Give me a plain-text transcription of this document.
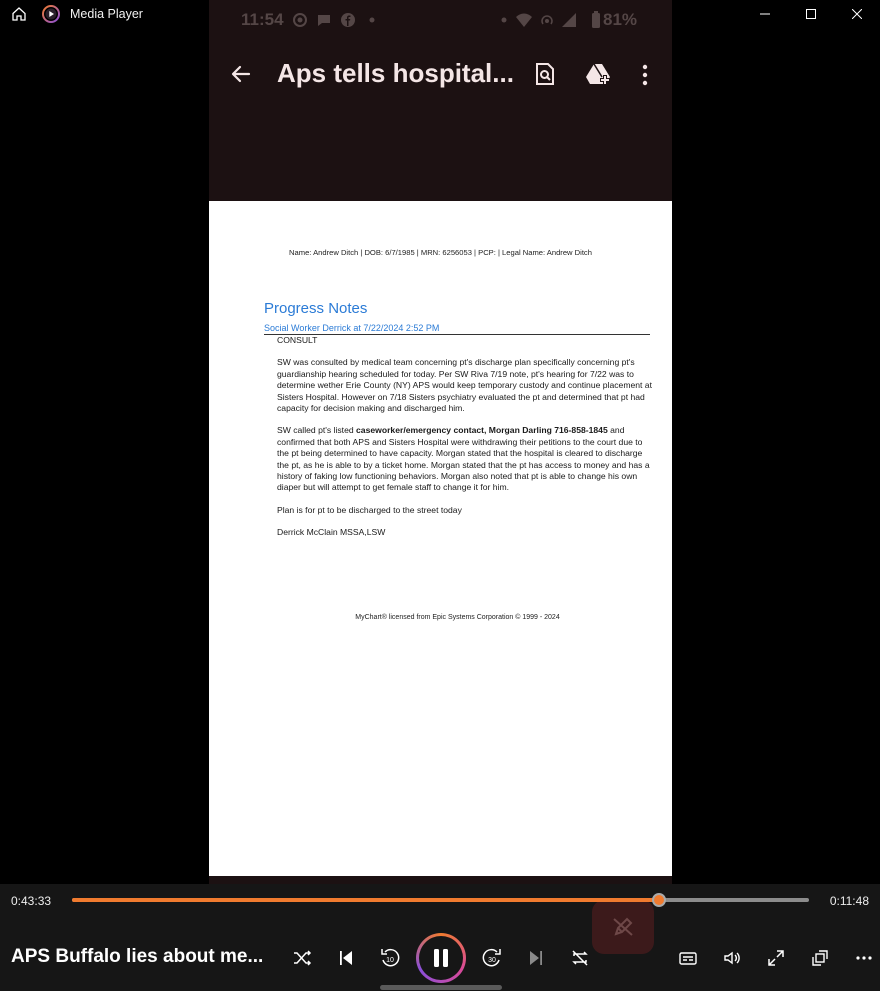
Media Player	11:54	81%
Aps tells hospital...
Name: Andrew Ditch | DOB: 6/7/1985 | MRN: 6256053 | PCP: | Legal Name: Andrew Ditch
Progress Notes
Social Worker Derrick at 7/22/2024 2:52 PM

CONSULT

SW was consulted by medical team concerning pt's discharge plan specifically concerning pt's guardianship hearing scheduled for today. Per SW Riva 7/19 note, pt's hearing for 7/22 was to determine wether Erie County (NY) APS would keep temporary custody and continue placement at Sisters Hospital. However on 7/18 Sisters psychiatry evaluated the pt and determined that pt had capacity for decision making and discharged him.

SW called pt's listed caseworker/emergency contact, Morgan Darling 716-858-1845 and confirmed that both APS and Sisters Hospital were withdrawing their petitions to the court due to the pt being determined to have capacity. Morgan stated that the hospital is cleared to discharge the pt, as he is able to by a ticket home. Morgan stated that the pt has access to money and has a history of faking low functioning behaviors. Morgan also noted that pt is able to change his own diaper but will attempt to get female staff to change it for him.

Plan is for pt to be discharged to the street today

Derrick McClain MSSA,LSW

MyChart® licensed from Epic Systems Corporation © 1999 - 2024
0:43:33	0:11:48
APS Buffalo lies about me...	10	30
